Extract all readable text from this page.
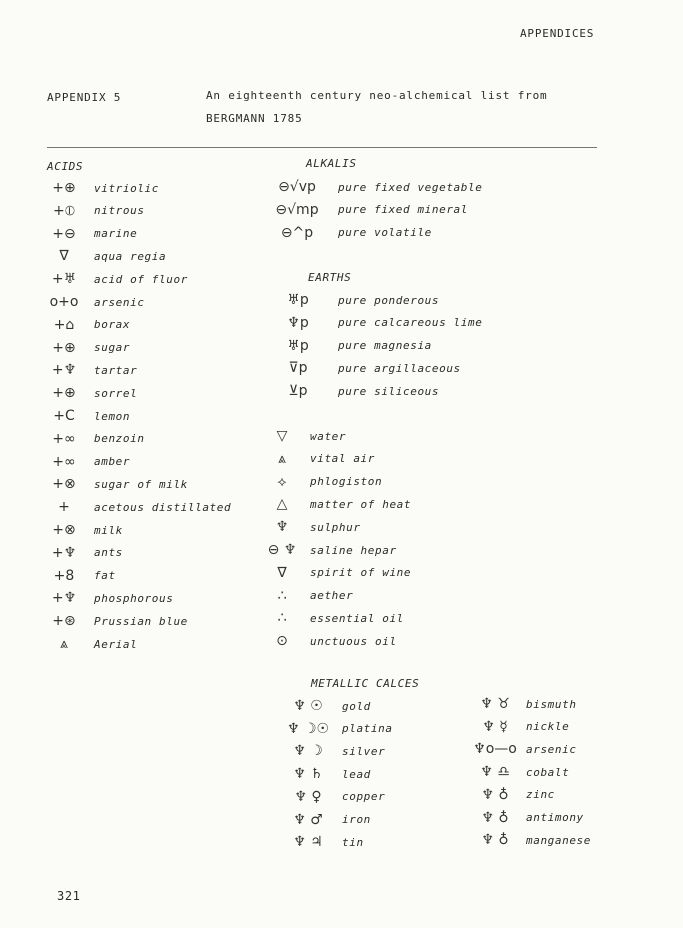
APPENDICES
APPENDIX 5	An eighteenth century neo-alchemical list from
BERGMANN 1785
ACIDS	ALKALIS
EARTHS
METALLIC CALCES
+⊕	vitriolic
+⦶	nitrous
+⊖	marine
∇	aqua regia
+♅	acid of fluor
o+o	arsenic
+⌂	borax
+⊕	sugar
+♆	tartar
+⊕	sorrel
+C	lemon
+∞	benzoin
+∞	amber
+⊗	sugar of milk
+	acetous distillated
+⊗	milk
+♆	ants
+8	fat
+♆	phosphorous
+⊛	Prussian blue
⩓	Aerial
⊖√vp	pure fixed vegetable
⊖√mp	pure fixed mineral
⊖^p	pure volatile
♅p	pure ponderous
♆p	pure calcareous lime
♅p	pure magnesia
⊽p	pure argillaceous
⊻p	pure siliceous
▽	water
⩓	vital air
⟡	phlogiston
△	matter of heat
♆	sulphur
⊖ ♆	saline hepar
∇	spirit of wine
∴	aether
∴	essential oil
⊙	unctuous oil
♆ ☉	gold
♆ ☽☉	platina
♆ ☽	silver
♆ ♄	lead
♆ ♀	copper
♆ ♂	iron
♆ ♃	tin
♆ ♉	bismuth
♆ ☿	nickle
♆o—o arsenic
♆ ♎	cobalt
♆ ♁	zinc
♆ ♁	antimony
♆ ♁	manganese
321
